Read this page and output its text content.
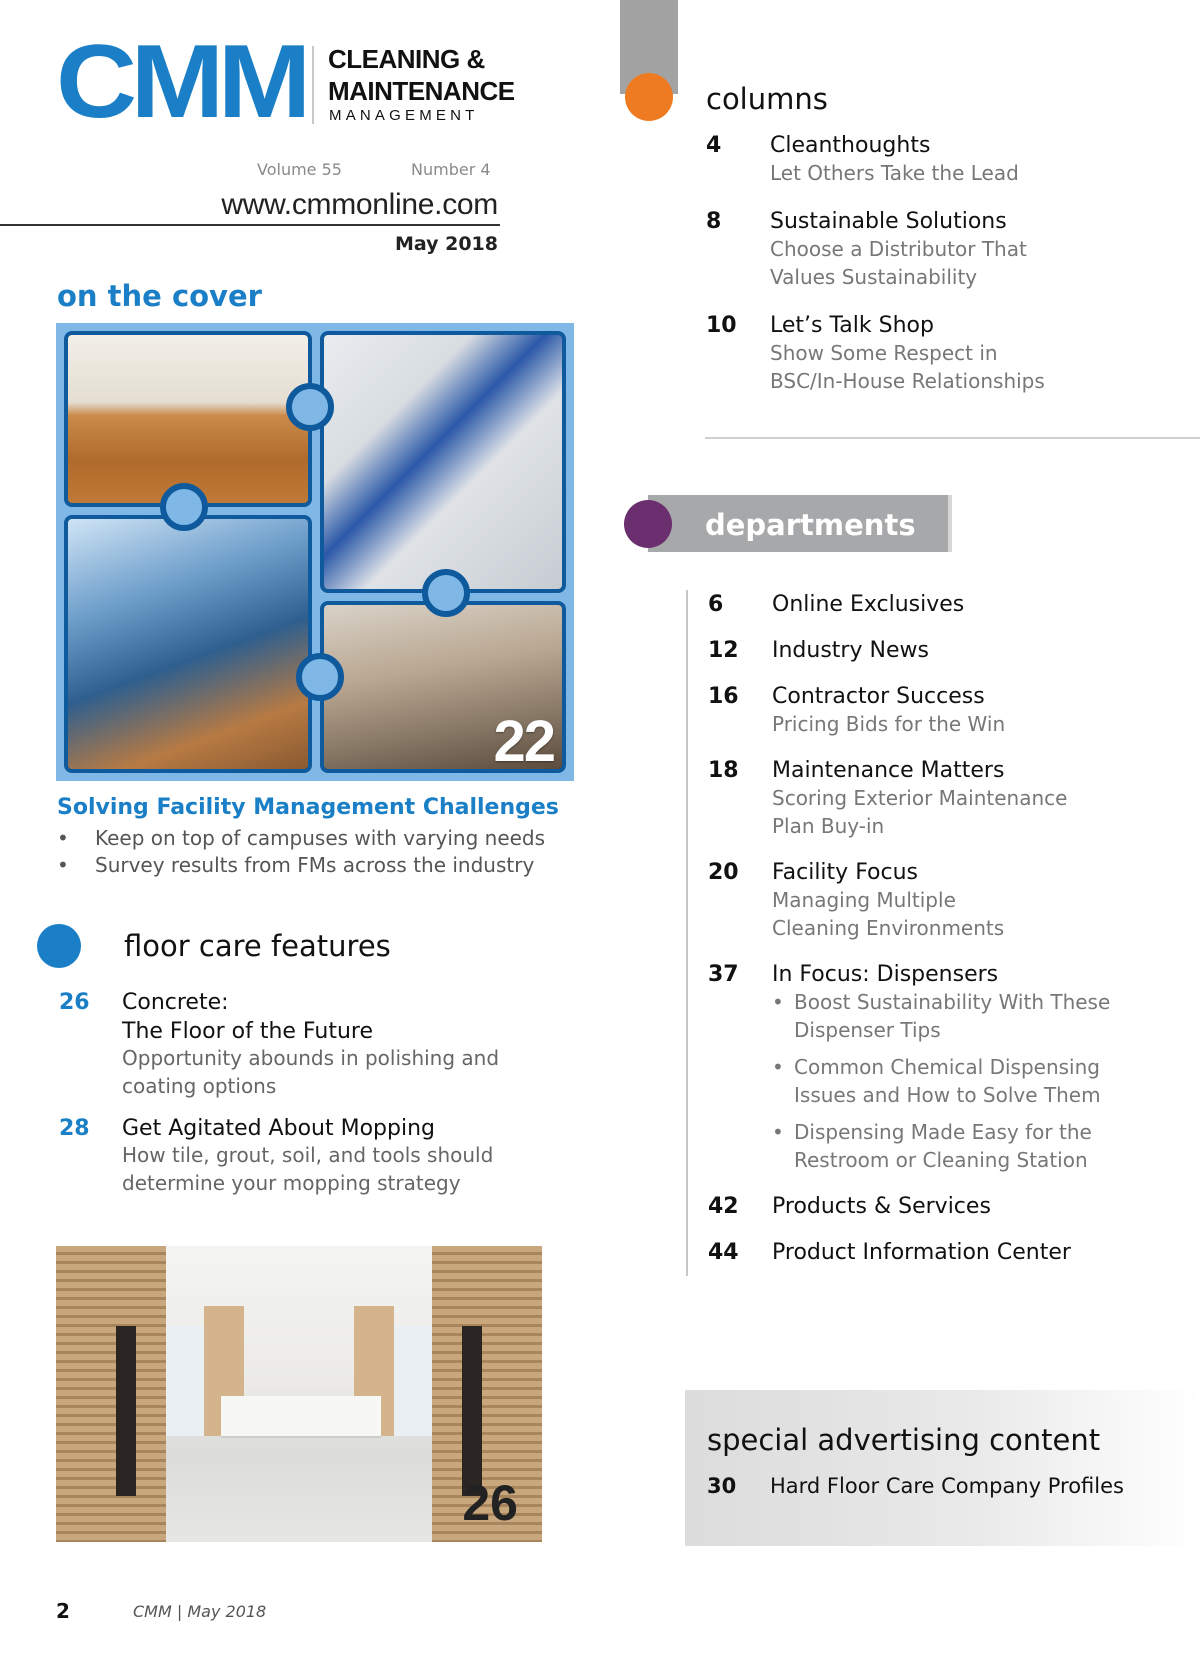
CMM CLEANING &
MAINTENANCE
MANAGEMENT
Volume 55	Number 4
www.cmmonline.com
May 2018
on the cover
22
Solving Facility Management Challenges
• Keep on top of campuses with varying needs
• Survey results from FMs across the industry
floor care features
26 Concrete:
The Floor of the Future
Opportunity abounds in polishing and
coating options
28 Get Agitated About Mopping
How tile, grout, soil, and tools should
determine your mopping strategy
26
2	CMM | May 2018
columns
4 Cleanthoughts
Let Others Take the Lead
8 Sustainable Solutions
Choose a Distributor That
Values Sustainability
10 Let’s Talk Shop
Show Some Respect in
BSC/In-House Relationships
departments
6 Online Exclusives
12 Industry News
16 Contractor Success
Pricing Bids for the Win
18 Maintenance Matters
Scoring Exterior Maintenance
Plan Buy-in
20 Facility Focus
Managing Multiple
Cleaning Environments
37 In Focus: Dispensers
• Boost Sustainability With These
Dispenser Tips
• Common Chemical Dispensing
Issues and How to Solve Them
• Dispensing Made Easy for the
Restroom or Cleaning Station
42 Products & Services
44 Product Information Center
special advertising content
30 Hard Floor Care Company Profiles
